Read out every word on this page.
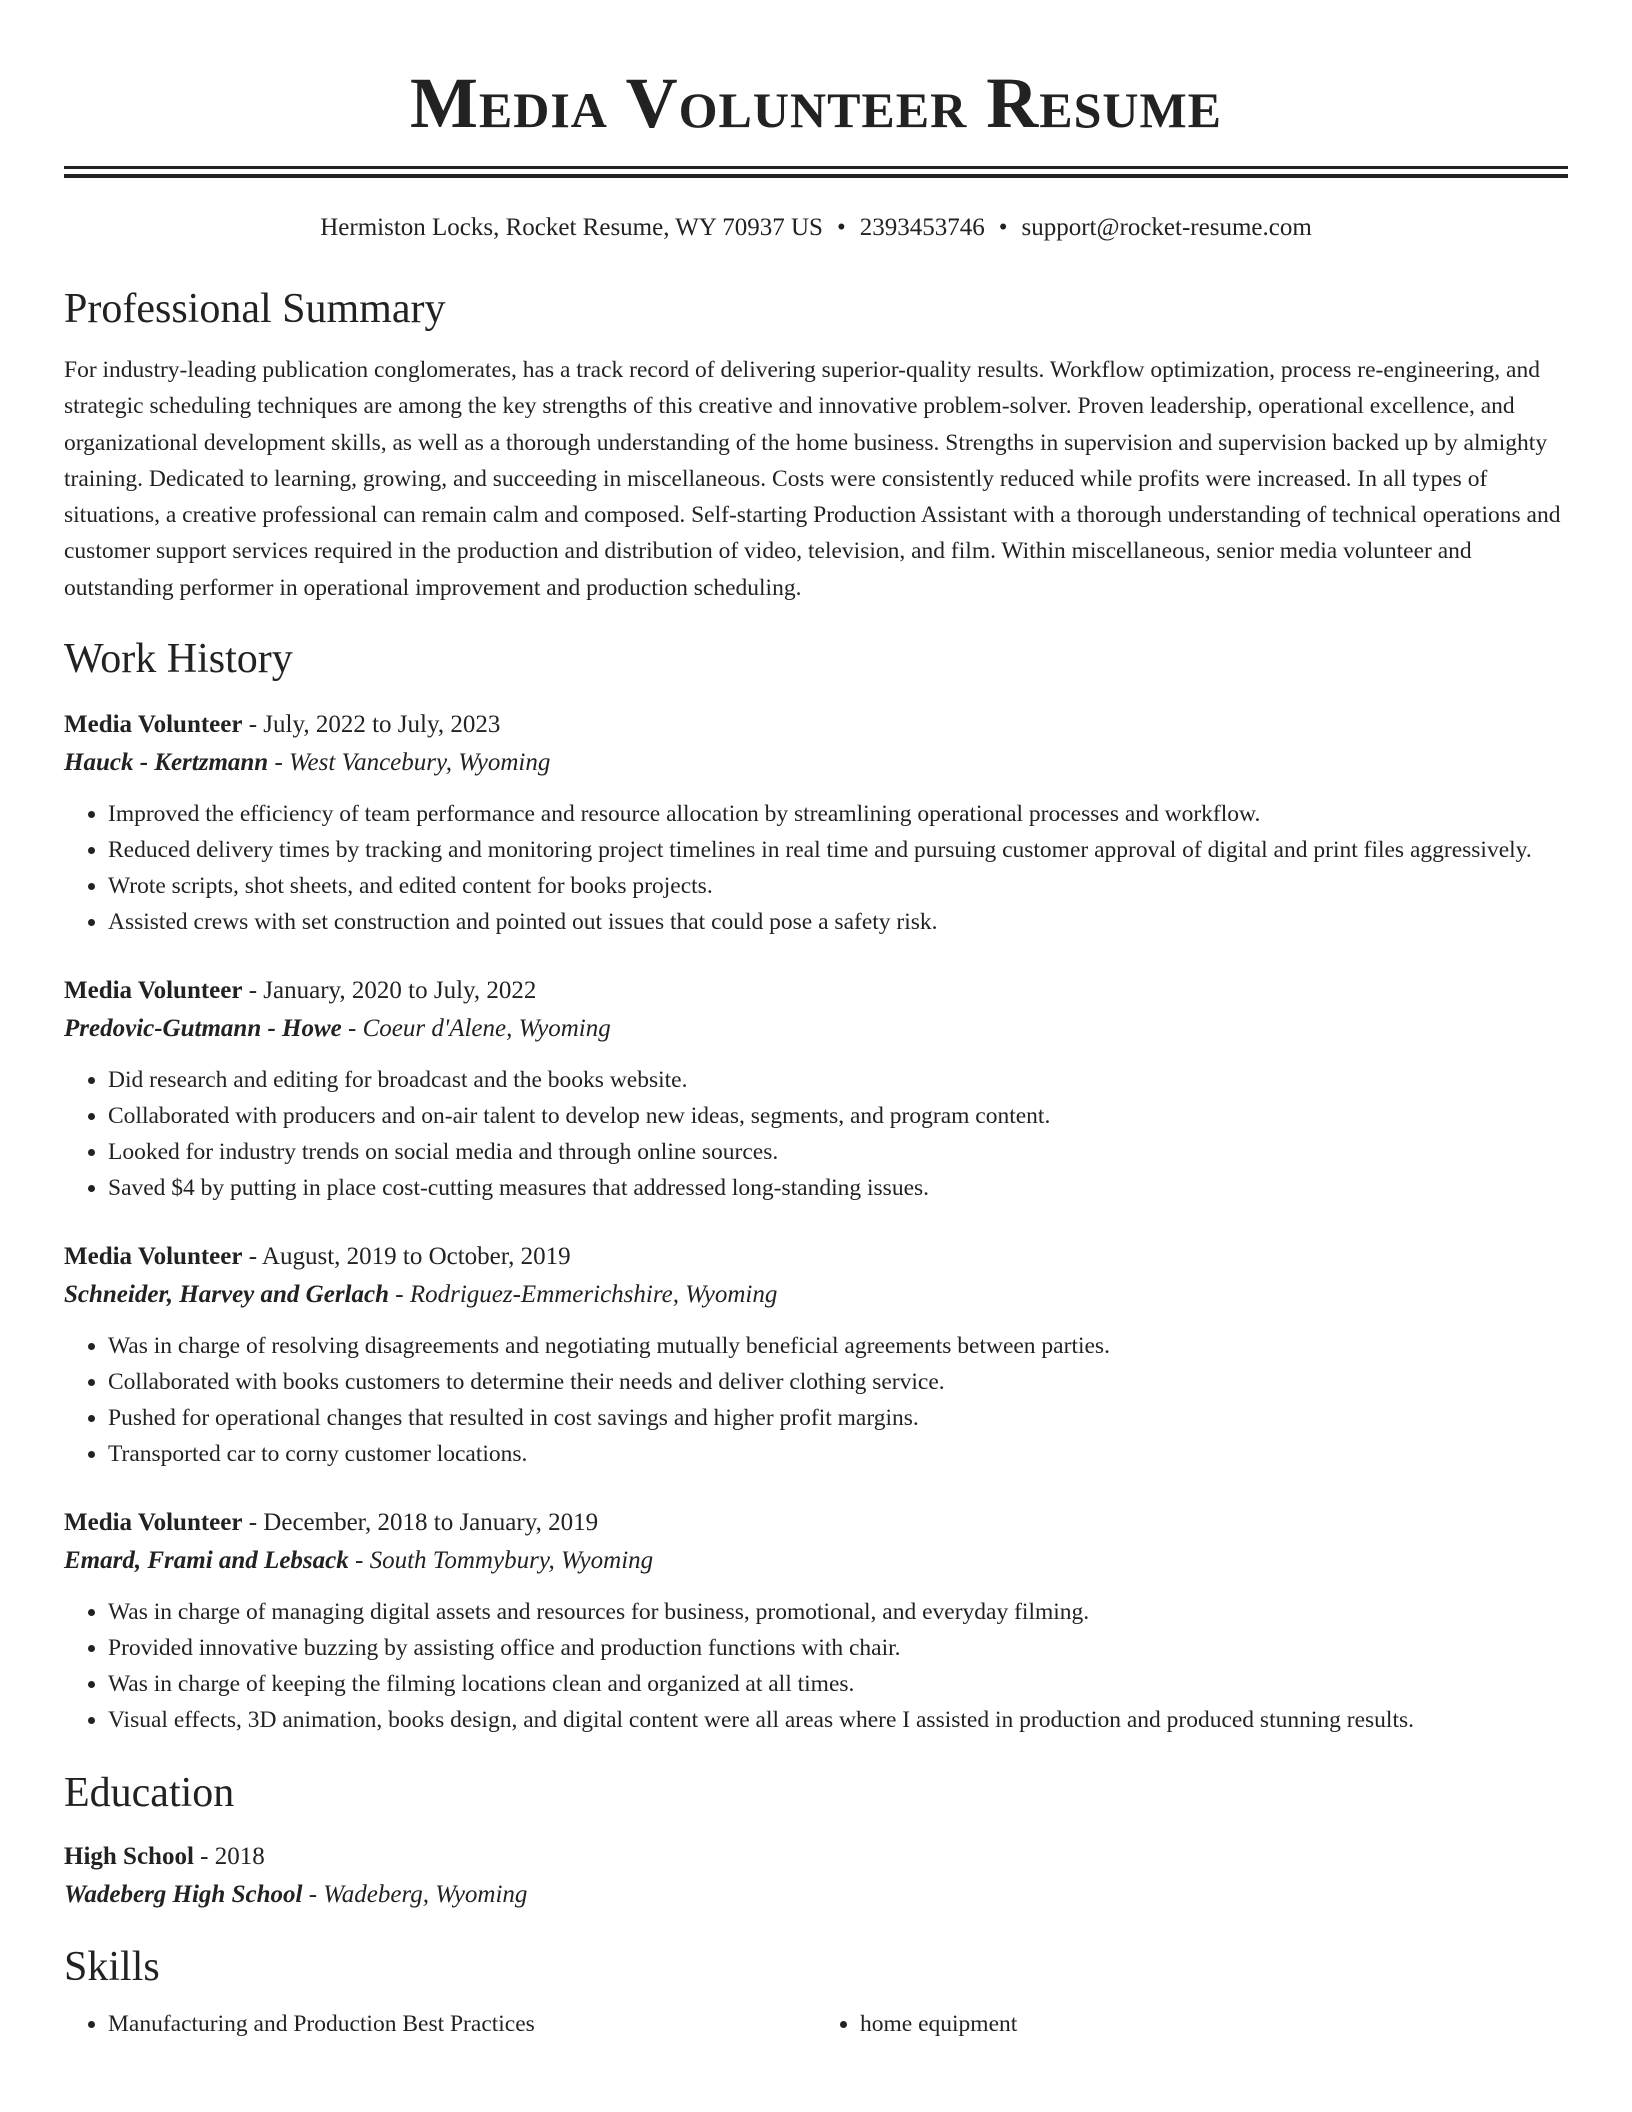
Media Volunteer Resume
Hermiston Locks, Rocket Resume, WY 70937 US • 2393453746 • support@rocket-resume.com
Professional Summary
For industry-leading publication conglomerates, has a track record of delivering superior-quality results. Workflow optimization, process re-engineering, and strategic scheduling techniques are among the key strengths of this creative and innovative problem-solver. Proven leadership, operational excellence, and organizational development skills, as well as a thorough understanding of the home business. Strengths in supervision and supervision backed up by almighty training. Dedicated to learning, growing, and succeeding in miscellaneous. Costs were consistently reduced while profits were increased. In all types of situations, a creative professional can remain calm and composed. Self-starting Production Assistant with a thorough understanding of technical operations and customer support services required in the production and distribution of video, television, and film. Within miscellaneous, senior media volunteer and outstanding performer in operational improvement and production scheduling.
Work History
Media Volunteer - July, 2022 to July, 2023
Hauck - Kertzmann - West Vancebury, Wyoming
• Improved the efficiency of team performance and resource allocation by streamlining operational processes and workflow.
• Reduced delivery times by tracking and monitoring project timelines in real time and pursuing customer approval of digital and print files aggressively.
• Wrote scripts, shot sheets, and edited content for books projects.
• Assisted crews with set construction and pointed out issues that could pose a safety risk.
Media Volunteer - January, 2020 to July, 2022
Predovic-Gutmann - Howe - Coeur d'Alene, Wyoming
• Did research and editing for broadcast and the books website.
• Collaborated with producers and on-air talent to develop new ideas, segments, and program content.
• Looked for industry trends on social media and through online sources.
• Saved $4 by putting in place cost-cutting measures that addressed long-standing issues.
Media Volunteer - August, 2019 to October, 2019
Schneider, Harvey and Gerlach - Rodriguez-Emmerichshire, Wyoming
• Was in charge of resolving disagreements and negotiating mutually beneficial agreements between parties.
• Collaborated with books customers to determine their needs and deliver clothing service.
• Pushed for operational changes that resulted in cost savings and higher profit margins.
• Transported car to corny customer locations.
Media Volunteer - December, 2018 to January, 2019
Emard, Frami and Lebsack - South Tommybury, Wyoming
• Was in charge of managing digital assets and resources for business, promotional, and everyday filming.
• Provided innovative buzzing by assisting office and production functions with chair.
• Was in charge of keeping the filming locations clean and organized at all times.
• Visual effects, 3D animation, books design, and digital content were all areas where I assisted in production and produced stunning results.
Education
High School - 2018
Wadeberg High School - Wadeberg, Wyoming
Skills
• Manufacturing and Production Best Practices
•	home equipment
